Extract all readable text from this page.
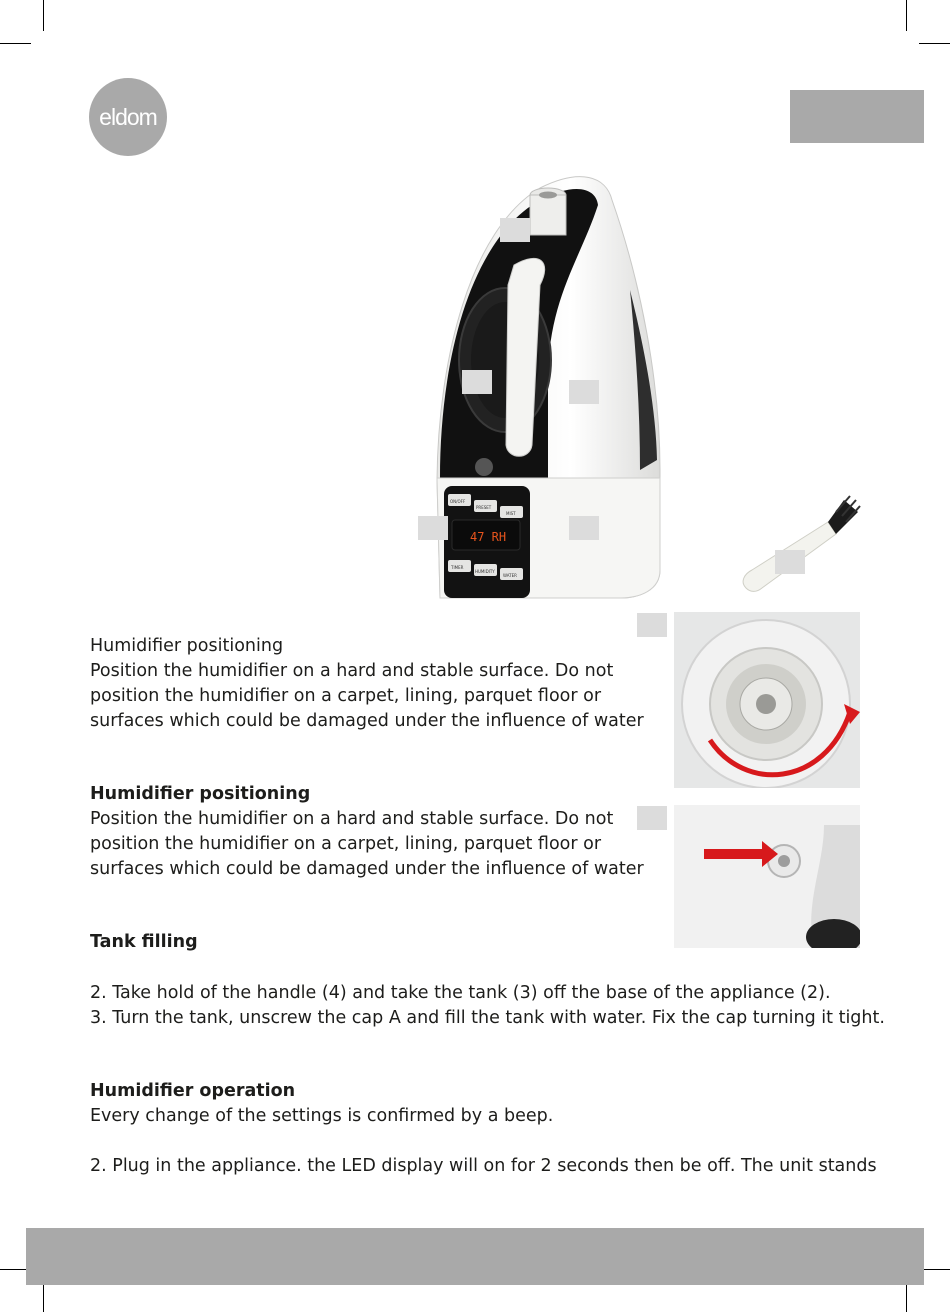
eldom
47 RH
ON/OFF
PRESET
MIST
TIMER
HUMIDITY
WATER
Humidifier positioning
Position the humidifier on a hard and stable surface. Do not
position the humidifier on a carpet, lining, parquet floor or
surfaces which could be damaged under the influence of water
Humidifier positioning
Position the humidifier on a hard and stable surface. Do not
position the humidifier on a carpet, lining, parquet floor or
surfaces which could be damaged under the influence of water
Tank filling
2. Take hold of the handle (4) and take the tank (3) off the base of the appliance (2).
3. Turn the tank, unscrew the cap A and fill the tank with water. Fix the cap turning it tight.
Humidifier operation
Every change of the settings is confirmed by a beep.
2. Plug in the appliance. the LED display will on for 2 seconds then be off. The unit stands
